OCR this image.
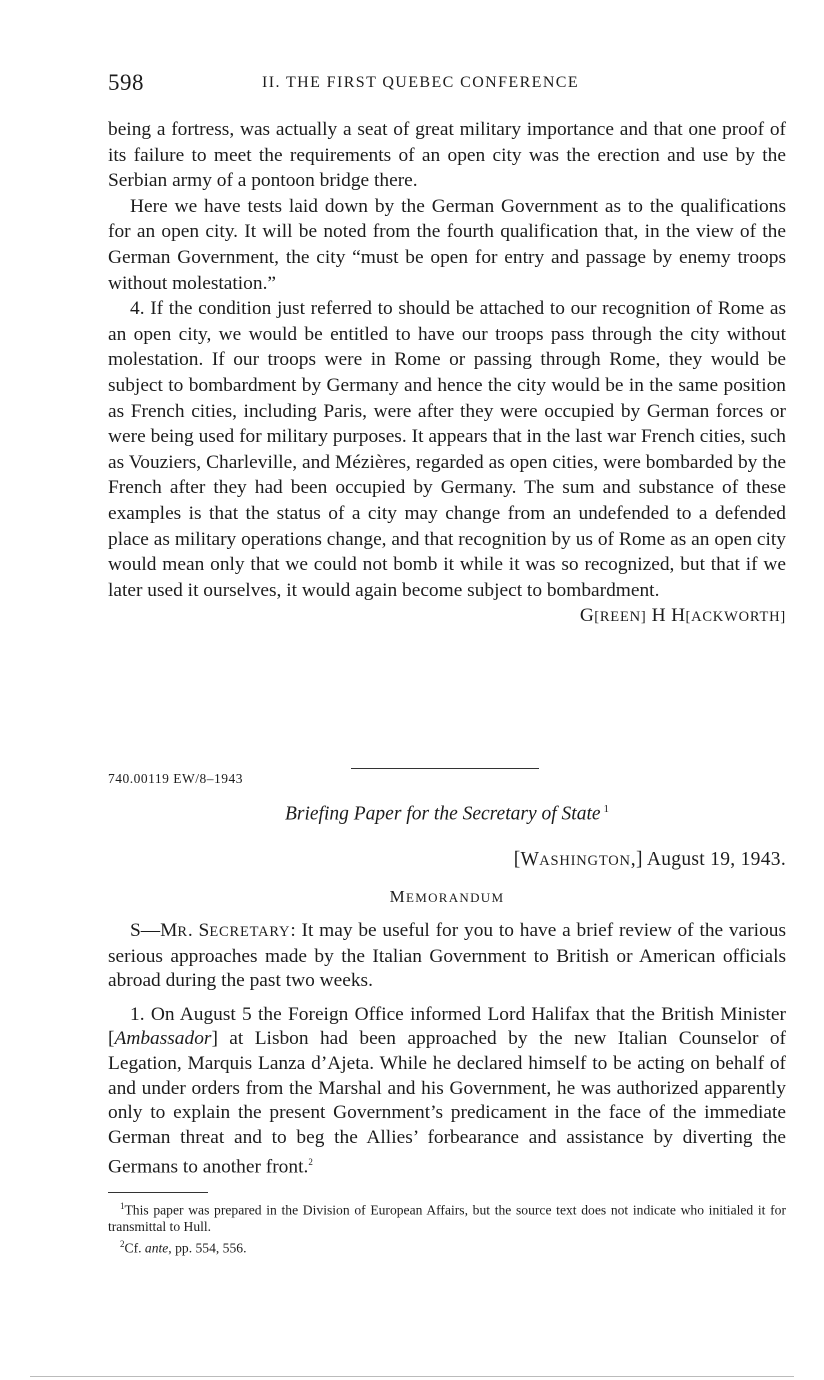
598	II. THE FIRST QUEBEC CONFERENCE

being a fortress, was actually a seat of great military importance and that one proof of its failure to meet the requirements of an open city was the erection and use by the Serbian army of a pontoon bridge there.

Here we have tests laid down by the German Government as to the qualifications for an open city. It will be noted from the fourth qualification that, in the view of the German Government, the city “must be open for entry and passage by enemy troops without molestation.”

4. If the condition just referred to should be attached to our recognition of Rome as an open city, we would be entitled to have our troops pass through the city without molestation. If our troops were in Rome or passing through Rome, they would be subject to bombardment by Germany and hence the city would be in the same position as French cities, including Paris, were after they were occupied by German forces or were being used for military purposes. It appears that in the last war French cities, such as Vouziers, Charleville, and Mézières, regarded as open cities, were bombarded by the French after they had been occupied by Germany. The sum and substance of these examples is that the status of a city may change from an undefended to a defended place as military operations change, and that recognition by us of Rome as an open city would mean only that we could not bomb it while it was so recognized, but that if we later used it ourselves, it would again become subject to bombardment.

G[REEN] H H[ACKWORTH]

740.00119 EW/8–1943
Briefing Paper for the Secretary of State $^1$
[WASHINGTON,] August 19, 1943.
MEMORANDUM

S—MR. SECRETARY: It may be useful for you to have a brief review of the various serious approaches made by the Italian Government to British or American officials abroad during the past two weeks.

1. On August 5 the Foreign Office informed Lord Halifax that the British Minister [Ambassador] at Lisbon had been approached by the new Italian Counselor of Legation, Marquis Lanza d’Ajeta. While he declared himself to be acting on behalf of and under orders from the Marshal and his Government, he was authorized apparently only to explain the present Government’s predicament in the face of the immediate German threat and to beg the Allies’ forbearance and assistance by diverting the Germans to another front.$^2$

$^1$This paper was prepared in the Division of European Affairs, but the source text does not indicate who initialed it for transmittal to Hull.

$^2$Cf. ante, pp. 554, 556.
